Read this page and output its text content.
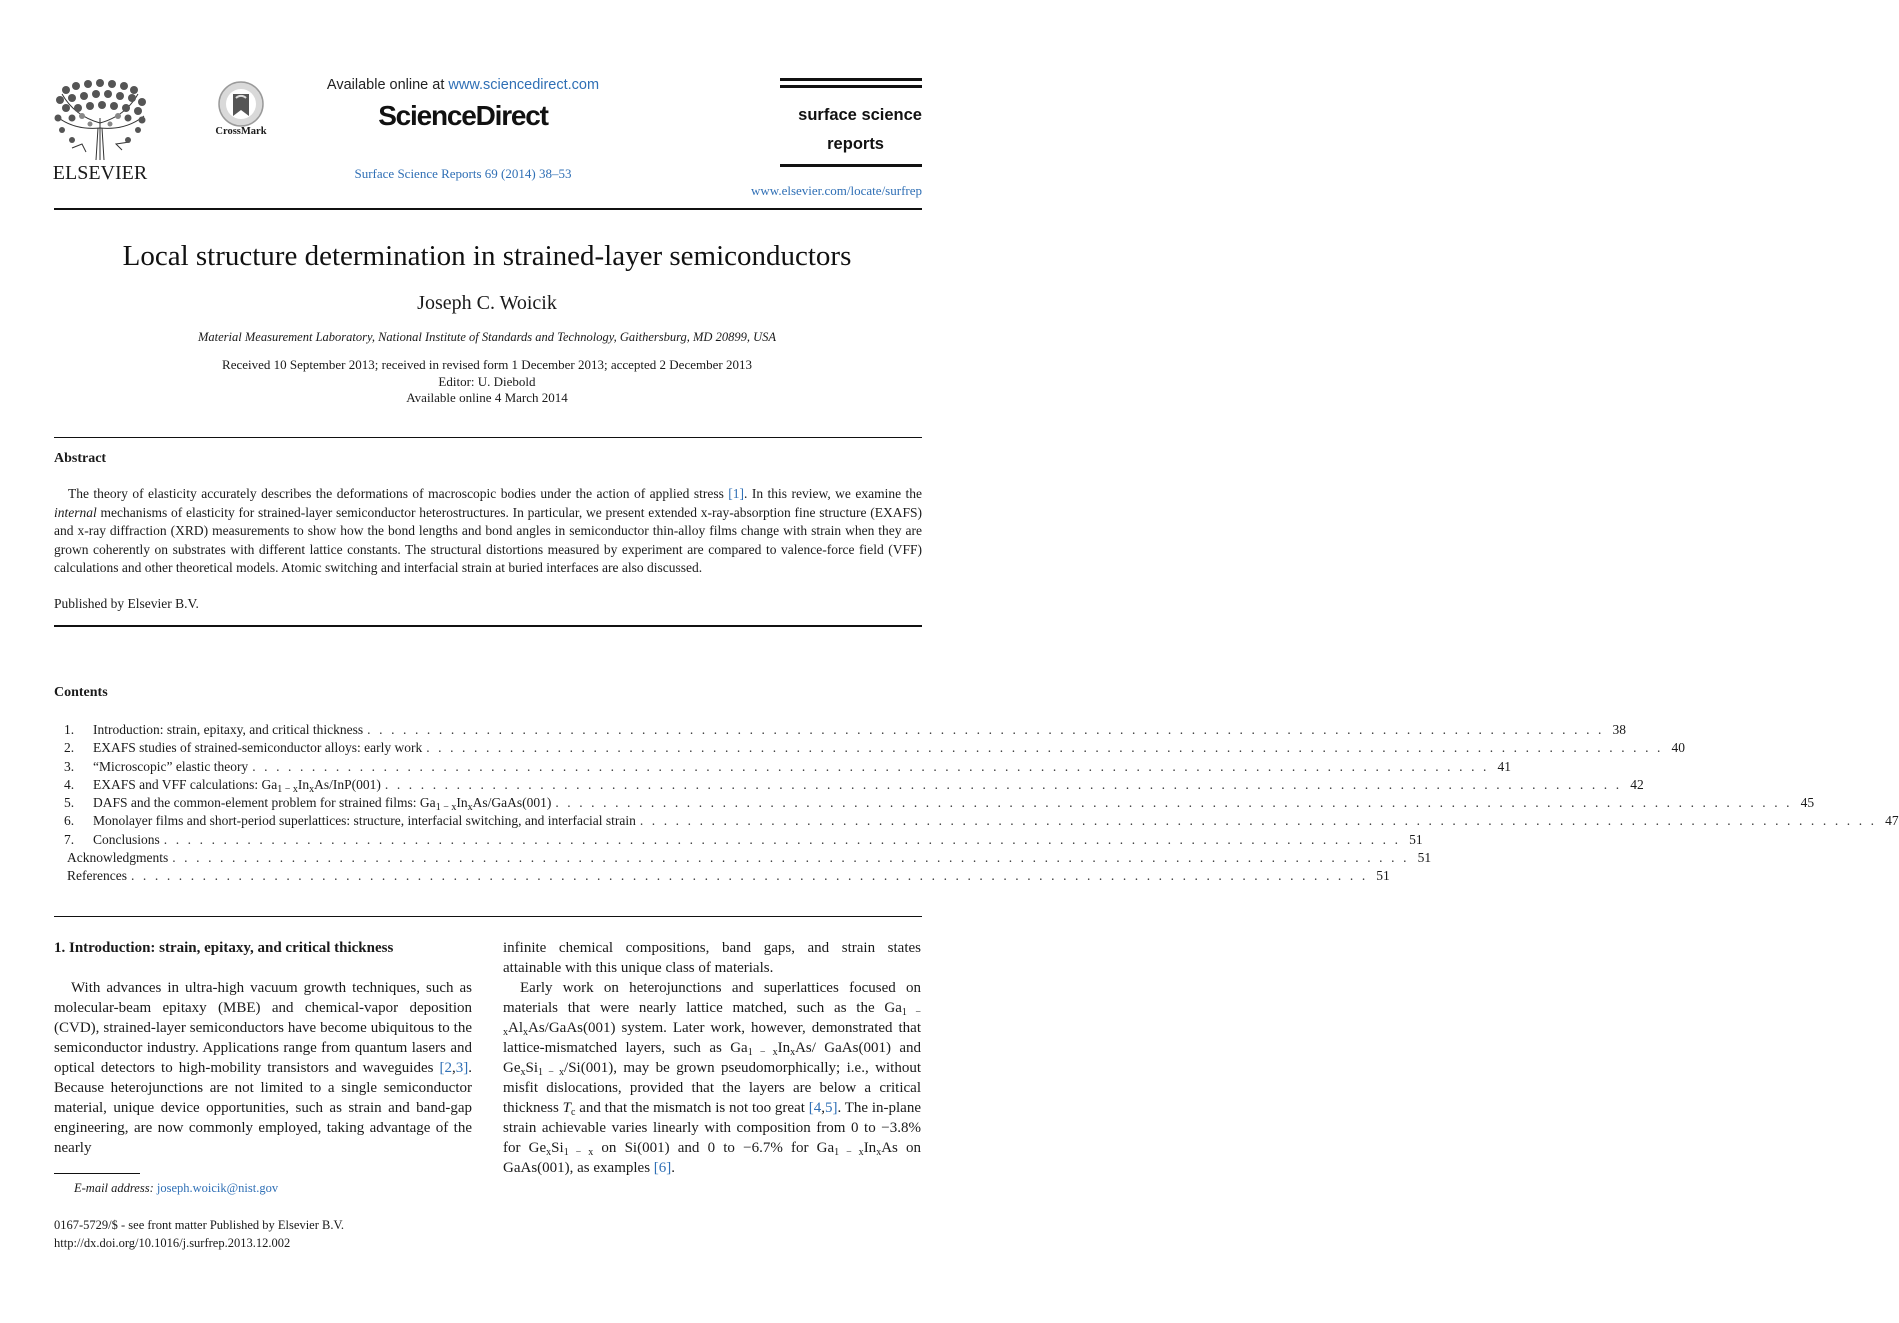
ELSEVIER
CrossMark
Available online at www.sciencedirect.com
ScienceDirect
Surface Science Reports 69 (2014) 38–53
surface science
reports
www.elsevier.com/locate/surfrep
Local structure determination in strained-layer semiconductors
Joseph C. Woicik
Material Measurement Laboratory, National Institute of Standards and Technology, Gaithersburg, MD 20899, USA
Received 10 September 2013; received in revised form 1 December 2013; accepted 2 December 2013
Editor: U. Diebold
Available online 4 March 2014
Abstract
The theory of elasticity accurately describes the deformations of macroscopic bodies under the action of applied stress [1]. In this review, we examine the internal mechanisms of elasticity for strained-layer semiconductor heterostructures. In particular, we present extended x-ray-absorption fine structure (EXAFS) and x-ray diffraction (XRD) measurements to show how the bond lengths and bond angles in semiconductor thin-alloy films change with strain when they are grown coherently on substrates with different lattice constants. The structural distortions measured by experiment are compared to valence-force field (VFF) calculations and other theoretical models. Atomic switching and interfacial strain at buried interfaces are also discussed.
Published by Elsevier B.V.
Contents
1.	Introduction: strain, epitaxy, and critical thickness . . . . . . . . . . . . . . . . . . . . . . . . . . . . . . . . . . . . . . . . . . . . . . . . . . . . . . . . . . . . . . . . . . . . . . . . . . . . . . . . . . . . . . . . . . . . . . . . . . . . . . . . 38
2.	EXAFS studies of strained-semiconductor alloys: early work . . . . . . . . . . . . . . . . . . . . . . . . . . . . . . . . . . . . . . . . . . . . . . . . . . . . . . . . . . . . . . . . . . . . . . . . . . . . . . . . . . . . . . . . . . . . . . . . . . . . . . . . 40
3.	“Microscopic” elastic theory . . . . . . . . . . . . . . . . . . . . . . . . . . . . . . . . . . . . . . . . . . . . . . . . . . . . . . . . . . . . . . . . . . . . . . . . . . . . . . . . . . . . . . . . . . . . . . . . . . . . . . . . 41
4.	EXAFS and VFF calculations: $Ga_{1 - x}In_xAs/InP(001)$ . . . . . . . . . . . . . . . . . . . . . . . . . . . . . . . . . . . . . . . . . . . . . . . . . . . . . . . . . . . . . . . . . . . . . . . . . . . . . . . . . . . . . . . . . . . . . . . . . . . . . . . . 42
5.	DAFS and the common-element problem for strained films: $Ga_{1 - x}In_xAs/GaAs(001)$ . . . . . . . . . . . . . . . . . . . . . . . . . . . . . . . . . . . . . . . . . . . . . . . . . . . . . . . . . . . . . . . . . . . . . . . . . . . . . . . . . . . . . . . . . . . . . . . . . . . . . . . . 45
6.	Monolayer films and short-period superlattices: structure, interfacial switching, and interfacial strain . . . . . . . . . . . . . . . . . . . . . . . . . . . . . . . . . . . . . . . . . . . . . . . . . . . . . . . . . . . . . . . . . . . . . . . . . . . . . . . . . . . . . . . . . . . . . . . . . . . . . . . . 47
7.	Conclusions . . . . . . . . . . . . . . . . . . . . . . . . . . . . . . . . . . . . . . . . . . . . . . . . . . . . . . . . . . . . . . . . . . . . . . . . . . . . . . . . . . . . . . . . . . . . . . . . . . . . . . . . 51
Acknowledgments . . . . . . . . . . . . . . . . . . . . . . . . . . . . . . . . . . . . . . . . . . . . . . . . . . . . . . . . . . . . . . . . . . . . . . . . . . . . . . . . . . . . . . . . . . . . . . . . . . . . . . . . 51
References . . . . . . . . . . . . . . . . . . . . . . . . . . . . . . . . . . . . . . . . . . . . . . . . . . . . . . . . . . . . . . . . . . . . . . . . . . . . . . . . . . . . . . . . . . . . . . . . . . . . . . . . 51
1. Introduction: strain, epitaxy, and critical thickness

With advances in ultra-high vacuum growth techniques, such as molecular-beam epitaxy (MBE) and chemical-vapor deposition (CVD), strained-layer semiconductors have become ubiquitous to the semiconductor industry. Applications range from quantum lasers and optical detectors to high-mobility transistors and waveguides [2,3]. Because heterojunctions are not limited to a single semiconductor material, unique device opportunities, such as strain and band-gap engineering, are now commonly employed, taking advantage of the nearly

infinite chemical compositions, band gaps, and strain states attainable with this unique class of materials.

Early work on heterojunctions and superlattices focused on materials that were nearly lattice matched, such as the $Ga_{1 - x}Al_xAs/GaAs(001)$ system. Later work, however, demonstrated that lattice-mismatched layers, such as $Ga_{1 - x}In_xAs/$ GaAs(001) and $Ge_xSi_{1 - x}/Si(001)$, may be grown pseudomorphically; i.e., without misfit dislocations, provided that the layers are below a critical thickness $T_c$ and that the mismatch is not too great [4,5]. The in-plane strain achievable varies linearly with composition from 0 to −3.8% for $Ge_xSi_{1 - x}$ on Si(001) and 0 to −6.7% for $Ga_{1 - x}In_xAs$ on GaAs(001), as examples [6].

E-mail address: joseph.woicik@nist.gov
0167-5729/$ - see front matter Published by Elsevier B.V.
http://dx.doi.org/10.1016/j.surfrep.2013.12.002
